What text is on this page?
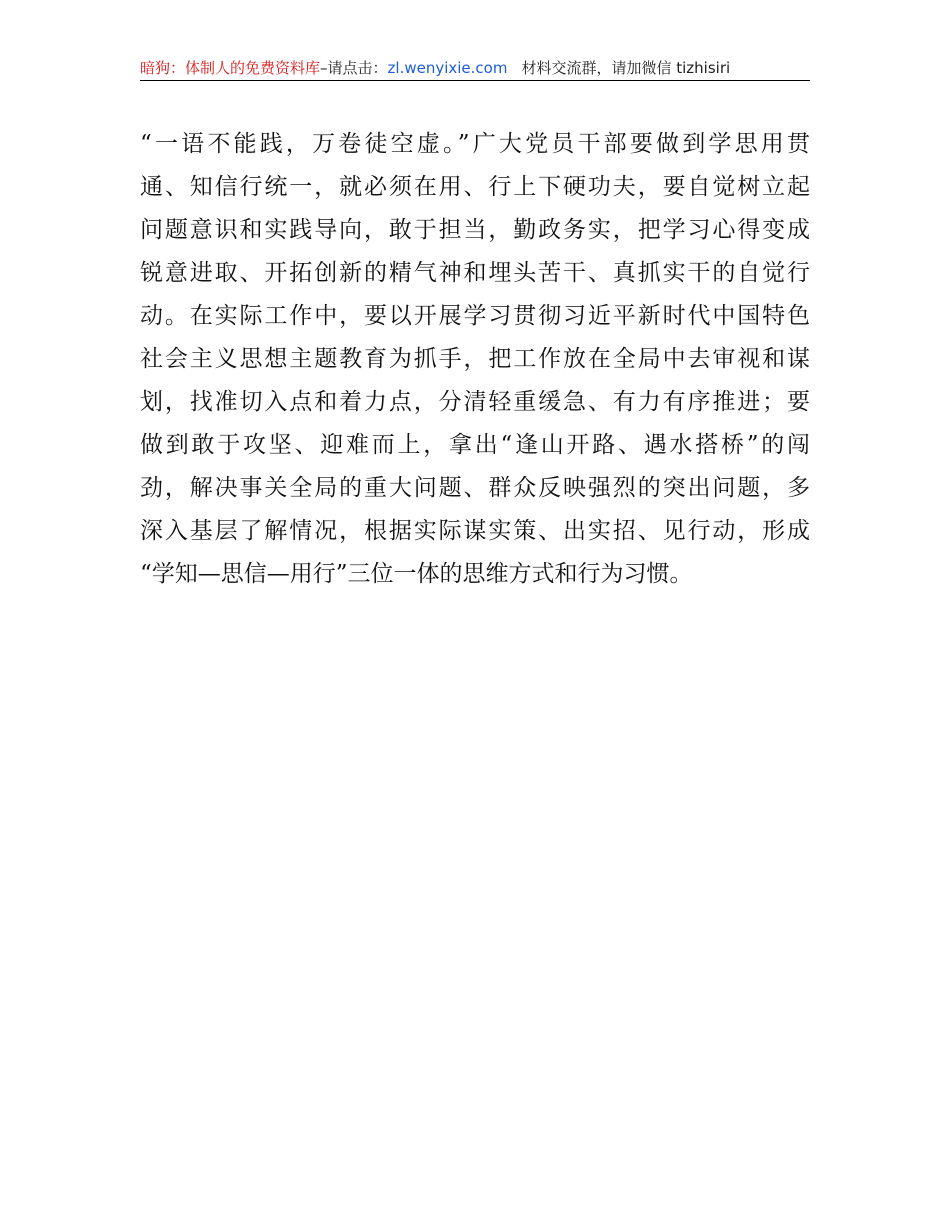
暗狗：体制人的免费资料库–请点击：zl.wenyixie.com 材料交流群，请加微信 tizhisiri
“一语不能践，万卷徒空虚。”广大党员干部要做到学思用贯
通、知信行统一，就必须在用、行上下硬功夫，要自觉树立起
问题意识和实践导向，敢于担当，勤政务实，把学习心得变成
锐意进取、开拓创新的精气神和埋头苦干、真抓实干的自觉行
动。在实际工作中，要以开展学习贯彻习近平新时代中国特色
社会主义思想主题教育为抓手，把工作放在全局中去审视和谋
划，找准切入点和着力点，分清轻重缓急、有力有序推进；要
做到敢于攻坚、迎难而上，拿出“逢山开路、遇水搭桥”的闯
劲，解决事关全局的重大问题、群众反映强烈的突出问题，多
深入基层了解情况，根据实际谋实策、出实招、见行动，形成
“学知—思信—用行”三位一体的思维方式和行为习惯。
